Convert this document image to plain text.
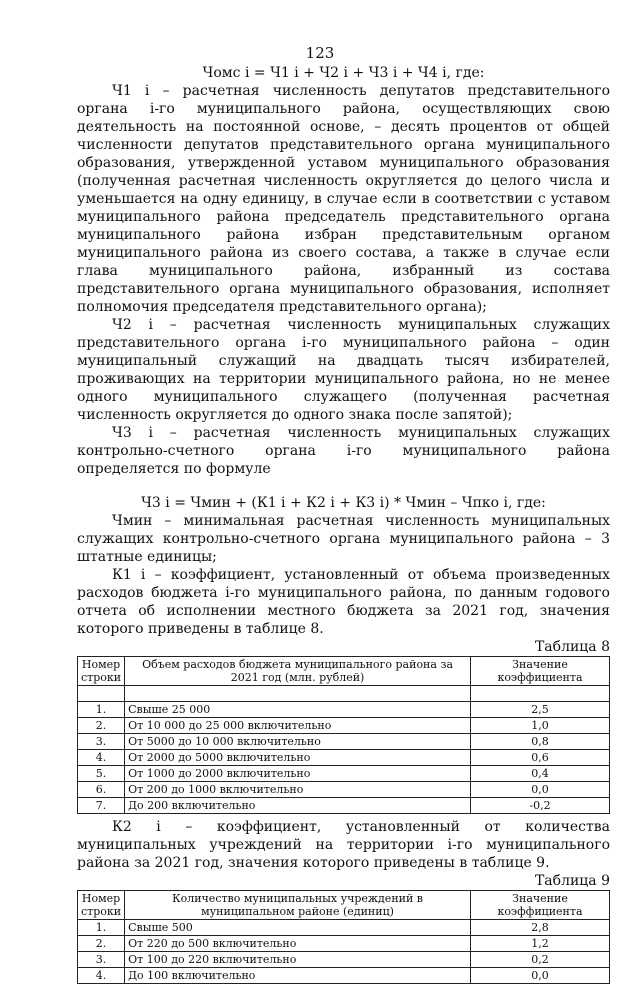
123

Чомс i = Ч1 i + Ч2 i + Ч3 i + Ч4 i, где:

Ч1 i – расчетная численность депутатов представительного органа i-го муниципального района, осуществляющих свою деятельность на постоянной основе, – десять процентов от общей численности депутатов представительного органа муниципального образования, утвержденной уставом муниципального образования (полученная расчетная численность округляется до целого числа и уменьшается на одну единицу, в случае если в соответствии с уставом муниципального района председатель представительного органа муниципального района избран представительным органом муниципального района из своего состава, а также в случае если глава муниципального района, избранный из состава представительного органа муниципального образования, исполняет полномочия председателя представительного органа);

Ч2 i – расчетная численность муниципальных служащих представительного органа i-го муниципального района – один муниципальный служащий на двадцать тысяч избирателей, проживающих на территории муниципального района, но не менее одного муниципального служащего (полученная расчетная численность округляется до одного знака после запятой);

Ч3 i – расчетная численность муниципальных служащих контрольно-счетного органа i-го муниципального района определяется по формуле

Ч3 i = Чмин + (К1 i + К2 i + К3 i) * Чмин – Чпко i, где:

Чмин – минимальная расчетная численность муниципальных служащих контрольно-счетного органа муниципального района – 3 штатные единицы;

К1 i – коэффициент, установленный от объема произведенных расходов бюджета i-го муниципального района, по данным годового отчета об исполнении местного бюджета за 2021 год, значения которого приведены в таблице 8.

Таблица 8

Номер строки	Объем расходов бюджета муниципального района за 2021 год (млн. рублей)	Значение коэффициента

1.	Свыше 25 000	2,5
2.	От 10 000 до 25 000 включительно	1,0
3.	От 5000 до 10 000 включительно	0,8
4.	От 2000 до 5000 включительно	0,6
5.	От 1000 до 2000 включительно	0,4
6.	От 200 до 1000 включительно	0,0
7.	До 200 включительно	-0,2

К2 i – коэффициент, установленный от количества муниципальных учреждений на территории i-го муниципального района за 2021 год, значения которого приведены в таблице 9.

Таблица 9

Номер строки	Количество муниципальных учреждений в муниципальном районе (единиц)	Значение коэффициента
1.	Свыше 500	2,8
2.	От 220 до 500 включительно	1,2
3.	От 100 до 220 включительно	0,2
4.	До 100 включительно	0,0
